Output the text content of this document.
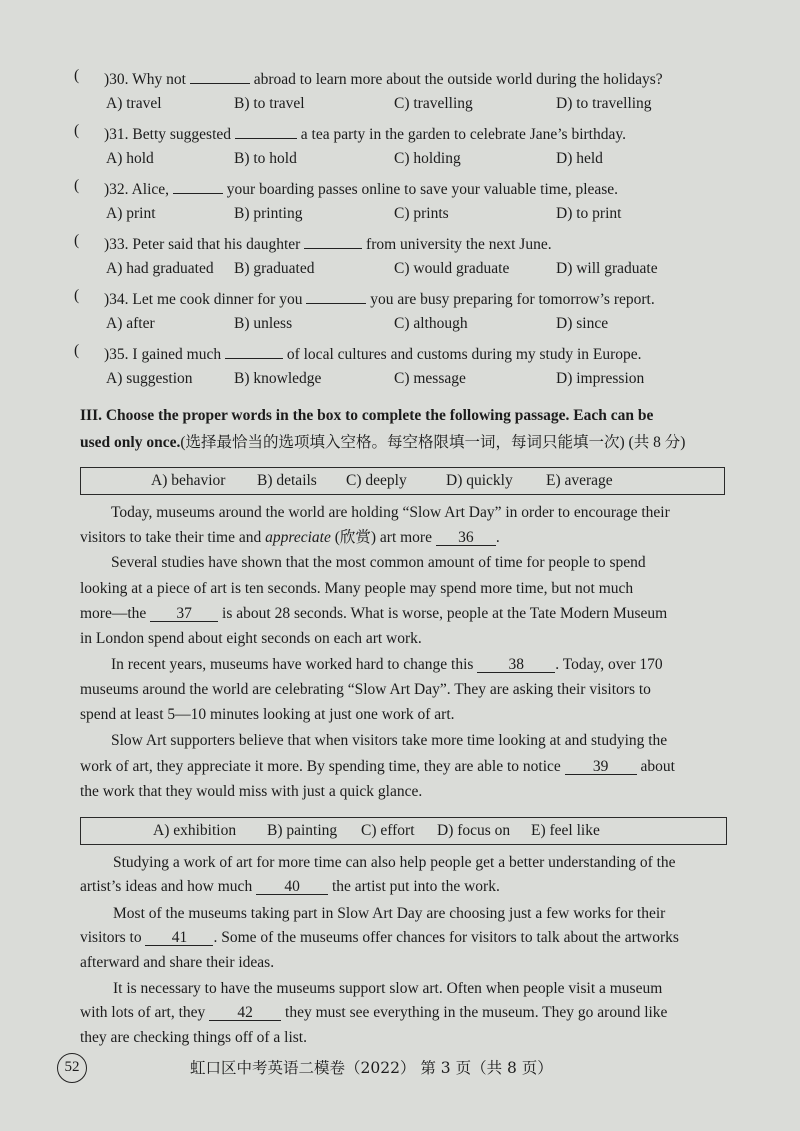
( )30. Why not	abroad to learn more about the outside world during the holidays?
A) travel	B) to travel	C) travelling	D) to travelling
( )31. Betty suggested	a tea party in the garden to celebrate Jane’s birthday.
A) hold	B) to hold	C) holding	D) held
( )32. Alice,	your boarding passes online to save your valuable time, please.
A) print	B) printing	C) prints	D) to print
( )33. Peter said that his daughter	from university the next June.
A) had graduated B) graduated	C) would graduate	D) will graduate
( )34. Let me cook dinner for you	you are busy preparing for tomorrow’s report.
A) after	B) unless	C) although	D) since
( )35. I gained much	of local cultures and customs during my study in Europe.
A) suggestion	B) knowledge	C) message	D) impression
III. Choose the proper words in the box to complete the following passage. Each can be
used only once.(选择最恰当的选项填入空格。每空格限填一词，每词只能填一次) (共 8 分)
A) behavior B) details C) deeply	D) quickly E) average
Today, museums around the world are holding “Slow Art Day” in order to encourage their
visitors to take their time and appreciate (欣赏) art more 36 .
Several studies have shown that the most common amount of time for people to spend
looking at a piece of art is ten seconds. Many people may spend more time, but not much
more—the 37 is about 28 seconds. What is worse, people at the Tate Modern Museum
in London spend about eight seconds on each art work.
In recent years, museums have worked hard to change this 38 . Today, over 170
museums around the world are celebrating “Slow Art Day”. They are asking their visitors to
spend at least 5—10 minutes looking at just one work of art.
Slow Art supporters believe that when visitors take more time looking at and studying the
work of art, they appreciate it more. By spending time, they are able to notice 39 about
the work that they would miss with just a quick glance.
A) exhibition B) painting C) effort D) focus on E) feel like
Studying a work of art for more time can also help people get a better understanding of the
artist’s ideas and how much 40 the artist put into the work.
Most of the museums taking part in Slow Art Day are choosing just a few works for their
visitors to 41 . Some of the museums offer chances for visitors to talk about the artworks
afterward and share their ideas.
It is necessary to have the museums support slow art. Often when people visit a museum
with lots of art, they 42 they must see everything in the museum. They go around like
they are checking things off of a list.
52	虹口区中考英语二模卷（2022） 第 3 页（共 8 页）
